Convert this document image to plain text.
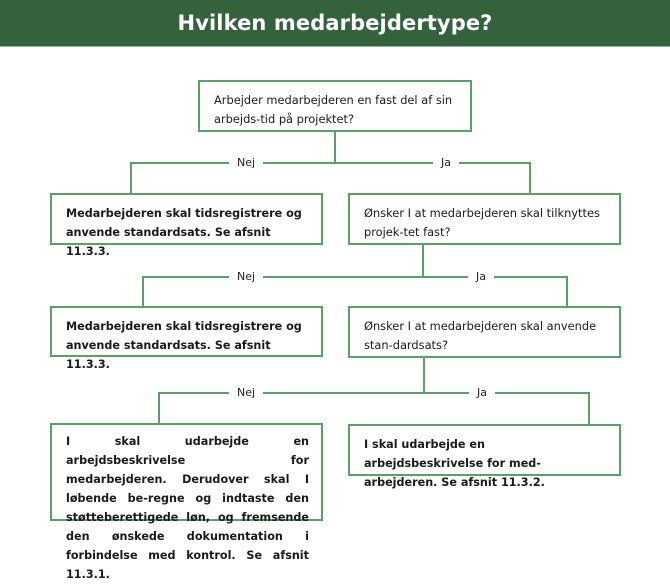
Hvilken medarbejdertype?
Arbejder medarbejderen en fast del af sin arbejds-tid på projektet?
Nej	Ja
Medarbejderen skal tidsregistrere og anvende standardsats. Se afsnit 11.3.3.
Ønsker I at medarbejderen skal tilknyttes projek-tet fast?
Nej	Ja
Medarbejderen skal tidsregistrere og anvende standardsats. Se afsnit 11.3.3.
Ønsker I at medarbejderen skal anvende stan-dardsats?
Nej	Ja
I skal udarbejde en arbejdsbeskrivelse for medarbejderen. Derudover skal I løbende be-regne og indtaste den støtteberettigede løn, og fremsende den ønskede dokumentation i forbindelse med kontrol. Se afsnit 11.3.1.
I skal udarbejde en arbejdsbeskrivelse for med-arbejderen. Se afsnit 11.3.2.
